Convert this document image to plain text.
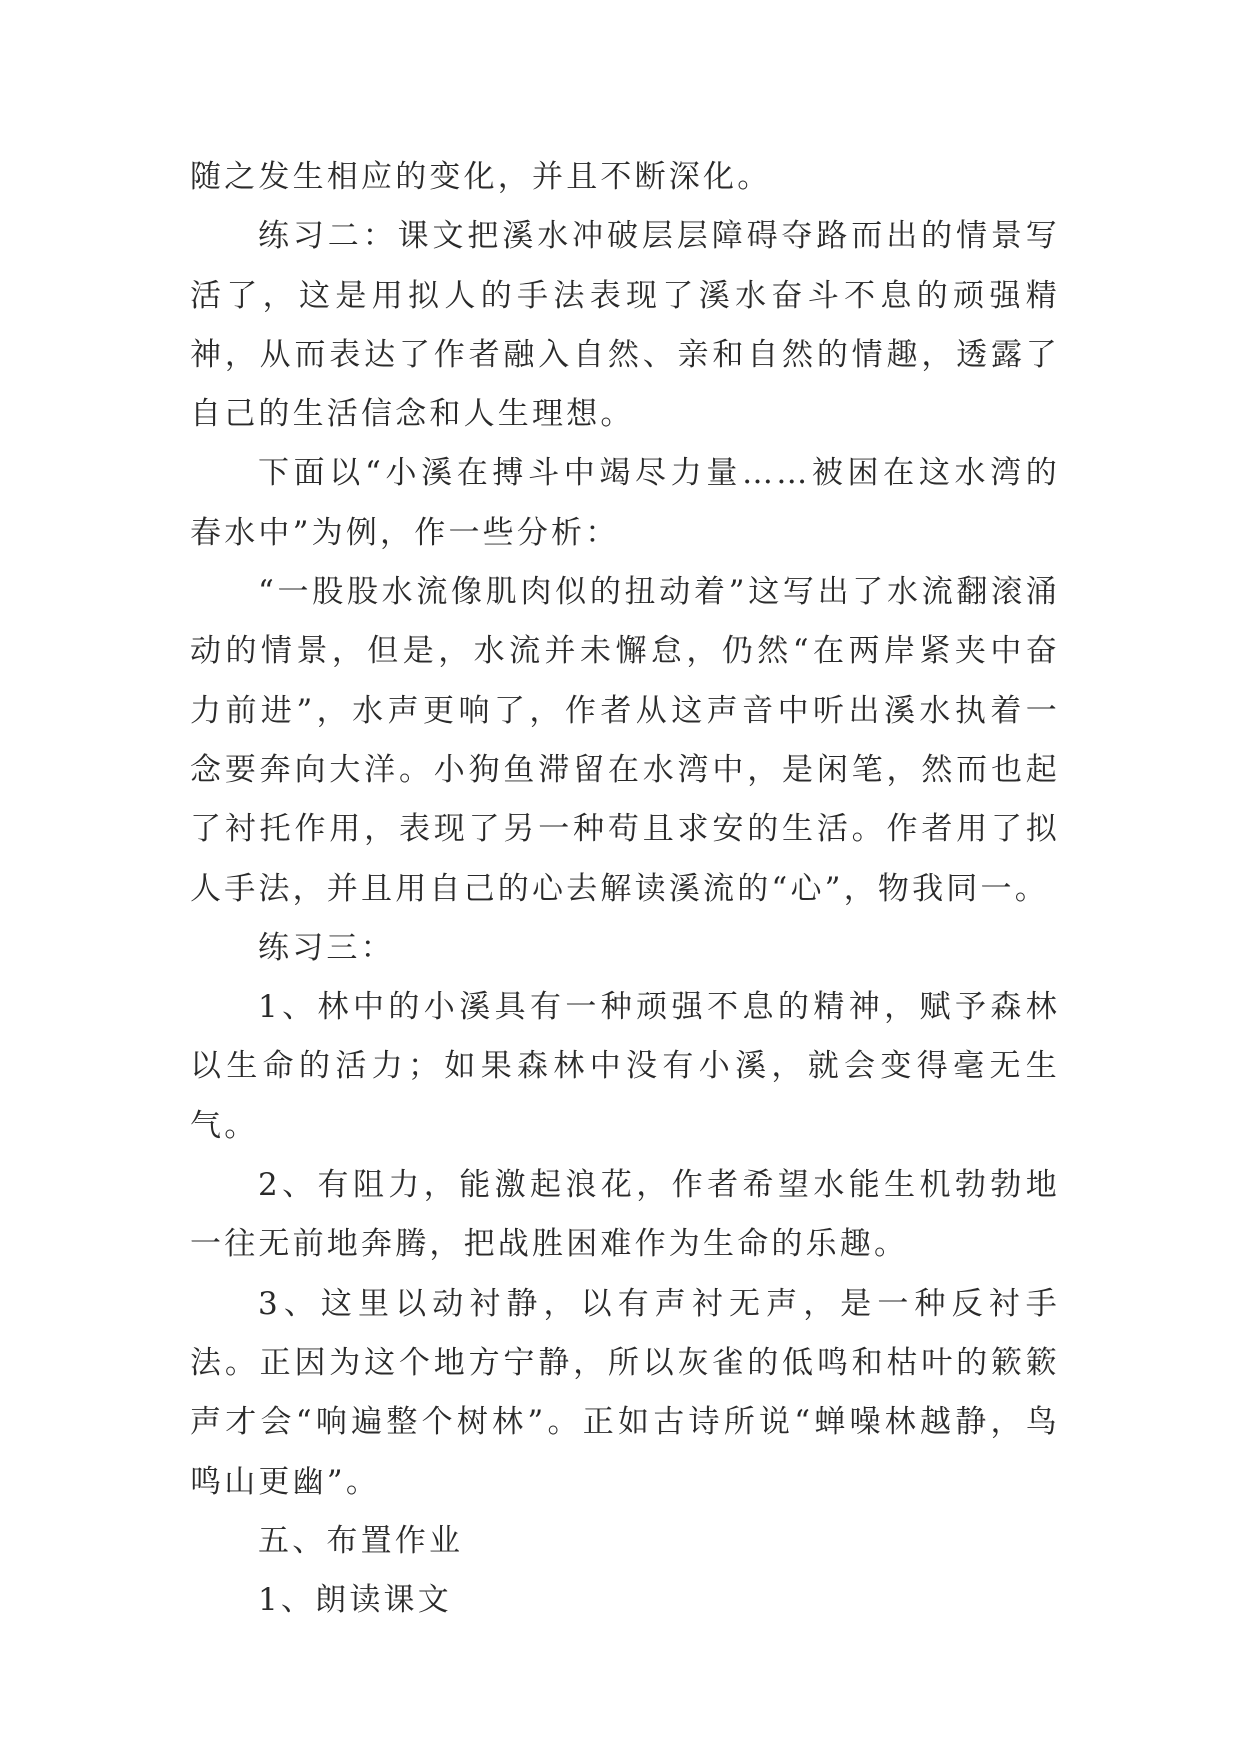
随之发生相应的变化，并且不断深化。

练习二：课文把溪水冲破层层障碍夺路而出的情景写活了，这是用拟人的手法表现了溪水奋斗不息的顽强精神，从而表达了作者融入自然、亲和自然的情趣，透露了自己的生活信念和人生理想。

下面以“小溪在搏斗中竭尽力量……被困在这水湾的春水中”为例，作一些分析：

“一股股水流像肌肉似的扭动着”这写出了水流翻滚涌动的情景，但是，水流并未懈怠，仍然“在两岸紧夹中奋力前进”，水声更响了，作者从这声音中听出溪水执着一念要奔向大洋。小狗鱼滞留在水湾中，是闲笔，然而也起了衬托作用，表现了另一种苟且求安的生活。作者用了拟人手法，并且用自己的心去解读溪流的“心”，物我同一。

练习三：

1、林中的小溪具有一种顽强不息的精神，赋予森林以生命的活力；如果森林中没有小溪，就会变得毫无生气。

2、有阻力，能激起浪花，作者希望水能生机勃勃地一往无前地奔腾，把战胜困难作为生命的乐趣。

3、这里以动衬静，以有声衬无声，是一种反衬手法。正因为这个地方宁静，所以灰雀的低鸣和枯叶的簌簌声才会“响遍整个树林”。正如古诗所说“蝉噪林越静，鸟鸣山更幽”。

五、布置作业

1、朗读课文
